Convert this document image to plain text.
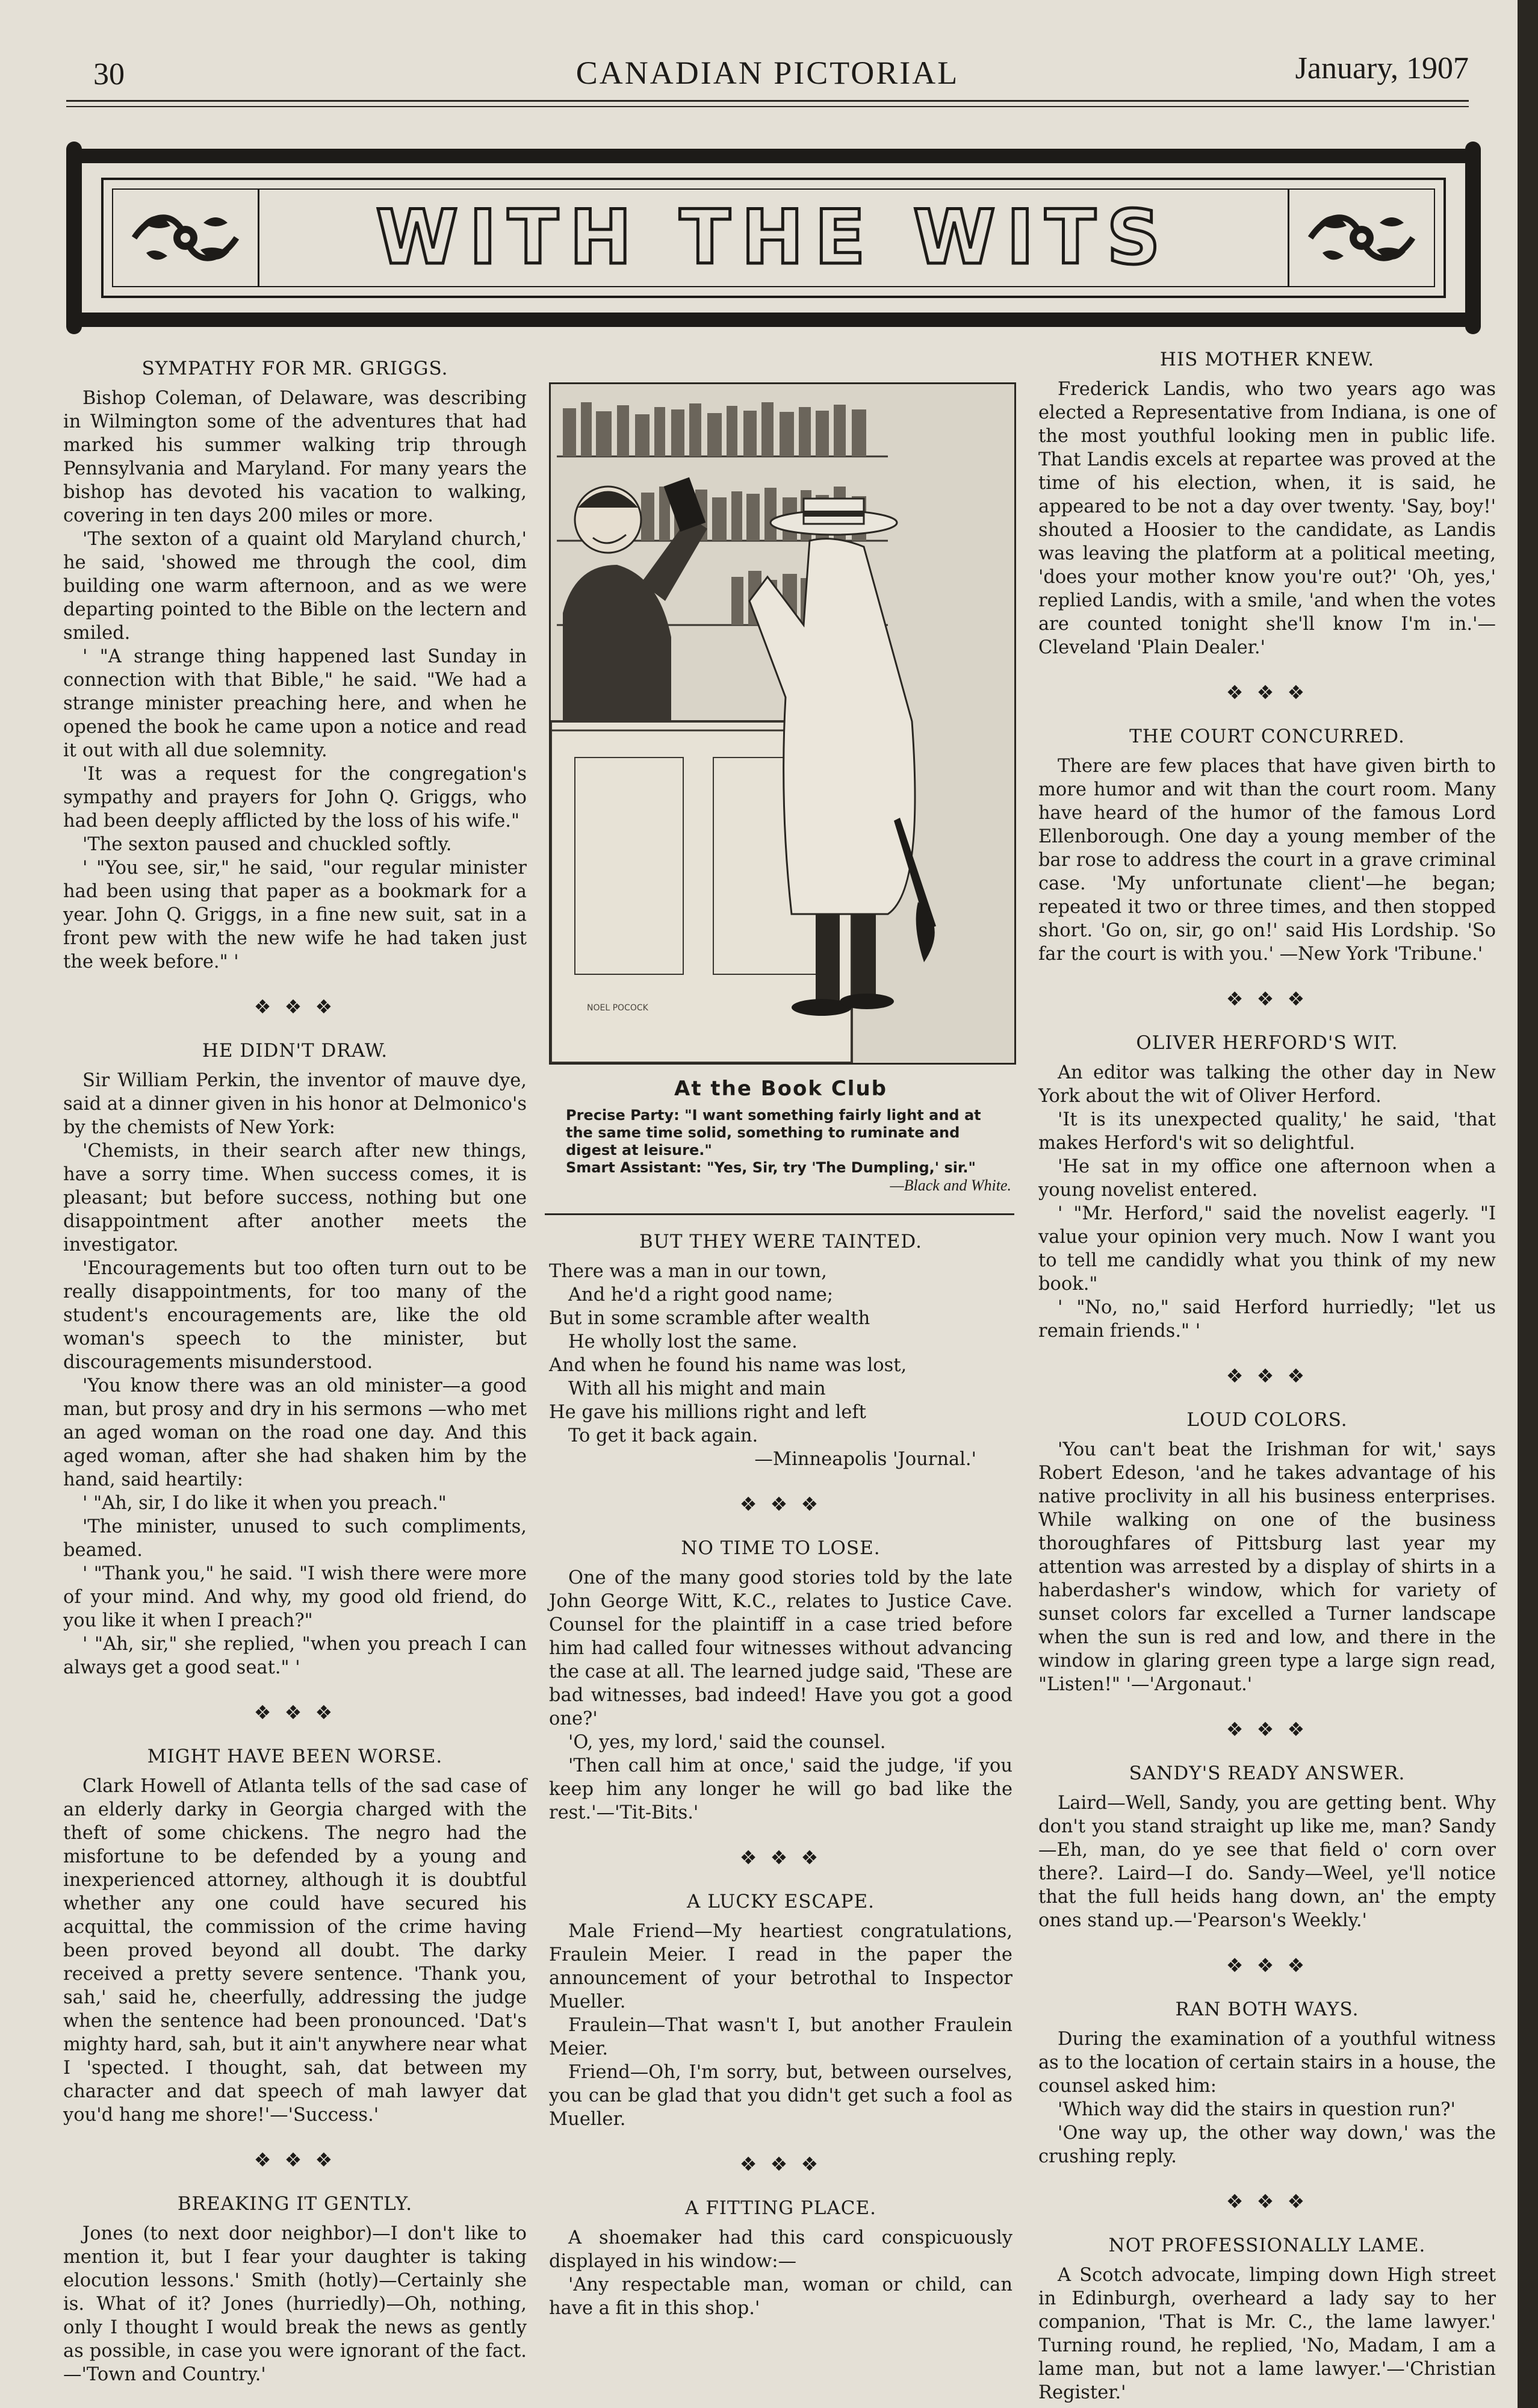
30	CANADIAN PICTORIAL	January, 1907
WITH THE WITS
SYMPATHY FOR MR. GRIGGS.

Bishop Coleman, of Delaware, was describing in Wilmington some of the adventures that had marked his summer walking trip through Pennsylvania and Maryland. For many years the bishop has devoted his vacation to walking, covering in ten days 200 miles or more.

'The sexton of a quaint old Maryland church,' he said, 'showed me through the cool, dim building one warm afternoon, and as we were departing pointed to the Bible on the lectern and smiled.

' "A strange thing happened last Sunday in connection with that Bible," he said. "We had a strange minister preaching here, and when he opened the book he came upon a notice and read it out with all due solemnity.

'It was a request for the congregation's sympathy and prayers for John Q. Griggs, who had been deeply afflicted by the loss of his wife."

'The sexton paused and chuckled softly.

' "You see, sir," he said, "our regular minister had been using that paper as a bookmark for a year. John Q. Griggs, in a fine new suit, sat in a front pew with the new wife he had taken just the week before." '

❖ ❖ ❖
HE DIDN'T DRAW.

Sir William Perkin, the inventor of mauve dye, said at a dinner given in his honor at Delmonico's by the chemists of New York:

'Chemists, in their search after new things, have a sorry time. When success comes, it is pleasant; but before success, nothing but one disappointment after another meets the investigator.

'Encouragements but too often turn out to be really disappointments, for too many of the student's encouragements are, like the old woman's speech to the minister, but discouragements misunderstood.

'You know there was an old minister—a good man, but prosy and dry in his sermons —who met an aged woman on the road one day. And this aged woman, after she had shaken him by the hand, said heartily:

' "Ah, sir, I do like it when you preach."

'The minister, unused to such compliments, beamed.

' "Thank you," he said. "I wish there were more of your mind. And why, my good old friend, do you like it when I preach?"

' "Ah, sir," she replied, "when you preach I can always get a good seat." '

❖ ❖ ❖
MIGHT HAVE BEEN WORSE.

Clark Howell of Atlanta tells of the sad case of an elderly darky in Georgia charged with the theft of some chickens. The negro had the misfortune to be defended by a young and inexperienced attorney, although it is doubtful whether any one could have secured his acquittal, the commission of the crime having been proved beyond all doubt. The darky received a pretty severe sentence. 'Thank you, sah,' said he, cheerfully, addressing the judge when the sentence had been pronounced. 'Dat's mighty hard, sah, but it ain't anywhere near what I 'spected. I thought, sah, dat between my character and dat speech of mah lawyer dat you'd hang me shore!'—'Success.'

❖ ❖ ❖
BREAKING IT GENTLY.

Jones (to next door neighbor)—I don't like to mention it, but I fear your daughter is taking elocution lessons.' Smith (hotly)—Certainly she is. What of it? Jones (hurriedly)—Oh, nothing, only I thought I would break the news as gently as possible, in case you were ignorant of the fact.—'Town and Country.'

NOEL POCOCK
At the Book Club
Precise Party: "I want something fairly light and at the same time solid, something to ruminate and digest at leisure."
Smart Assistant: "Yes, Sir, try 'The Dumpling,' sir."
—Black and White.
BUT THEY WERE TAINTED.
There was a man in our town,
And he'd a right good name;
But in some scramble after wealth
He wholly lost the same.
And when he found his name was lost,
With all his might and main
He gave his millions right and left
To get it back again.
—Minneapolis 'Journal.'
❖ ❖ ❖
NO TIME TO LOSE.

One of the many good stories told by the late John George Witt, K.C., relates to Justice Cave. Counsel for the plaintiff in a case tried before him had called four witnesses without advancing the case at all. The learned judge said, 'These are bad witnesses, bad indeed! Have you got a good one?'

'O, yes, my lord,' said the counsel.

'Then call him at once,' said the judge, 'if you keep him any longer he will go bad like the rest.'—'Tit-Bits.'

❖ ❖ ❖
A LUCKY ESCAPE.

Male Friend—My heartiest congratulations, Fraulein Meier. I read in the paper the announcement of your betrothal to Inspector Mueller.

Fraulein—That wasn't I, but another Fraulein Meier.

Friend—Oh, I'm sorry, but, between ourselves, you can be glad that you didn't get such a fool as Mueller.

❖ ❖ ❖
A FITTING PLACE.

A shoemaker had this card conspicuously displayed in his window:—

'Any respectable man, woman or child, can have a fit in this shop.'

HIS MOTHER KNEW.

Frederick Landis, who two years ago was elected a Representative from Indiana, is one of the most youthful looking men in public life. That Landis excels at repartee was proved at the time of his election, when, it is said, he appeared to be not a day over twenty. 'Say, boy!' shouted a Hoosier to the candidate, as Landis was leaving the platform at a political meeting, 'does your mother know you're out?' 'Oh, yes,' replied Landis, with a smile, 'and when the votes are counted tonight she'll know I'm in.'—Cleveland 'Plain Dealer.'

❖ ❖ ❖
THE COURT CONCURRED.

There are few places that have given birth to more humor and wit than the court room. Many have heard of the humor of the famous Lord Ellenborough. One day a young member of the bar rose to address the court in a grave criminal case. 'My unfortunate client'—he began; repeated it two or three times, and then stopped short. 'Go on, sir, go on!' said His Lordship. 'So far the court is with you.' —New York 'Tribune.'

❖ ❖ ❖
OLIVER HERFORD'S WIT.

An editor was talking the other day in New York about the wit of Oliver Herford.

'It is its unexpected quality,' he said, 'that makes Herford's wit so delightful.

'He sat in my office one afternoon when a young novelist entered.

' "Mr. Herford," said the novelist eagerly. "I value your opinion very much. Now I want you to tell me candidly what you think of my new book."

' "No, no," said Herford hurriedly; "let us remain friends." '

❖ ❖ ❖
LOUD COLORS.

'You can't beat the Irishman for wit,' says Robert Edeson, 'and he takes advantage of his native proclivity in all his business enterprises. While walking on one of the business thoroughfares of Pittsburg last year my attention was arrested by a display of shirts in a haberdasher's window, which for variety of sunset colors far excelled a Turner landscape when the sun is red and low, and there in the window in glaring green type a large sign read, "Listen!" '—'Argonaut.'

❖ ❖ ❖
SANDY'S READY ANSWER.

Laird—Well, Sandy, you are getting bent. Why don't you stand straight up like me, man? Sandy—Eh, man, do ye see that field o' corn over there?. Laird—I do. Sandy—Weel, ye'll notice that the full heids hang down, an' the empty ones stand up.—'Pearson's Weekly.'

❖ ❖ ❖
RAN BOTH WAYS.

During the examination of a youthful witness as to the location of certain stairs in a house, the counsel asked him:

'Which way did the stairs in question run?'

'One way up, the other way down,' was the crushing reply.

❖ ❖ ❖
NOT PROFESSIONALLY LAME.

A Scotch advocate, limping down High street in Edinburgh, overheard a lady say to her companion, 'That is Mr. C., the lame lawyer.' Turning round, he replied, 'No, Madam, I am a lame man, but not a lame lawyer.'—'Christian Register.'
